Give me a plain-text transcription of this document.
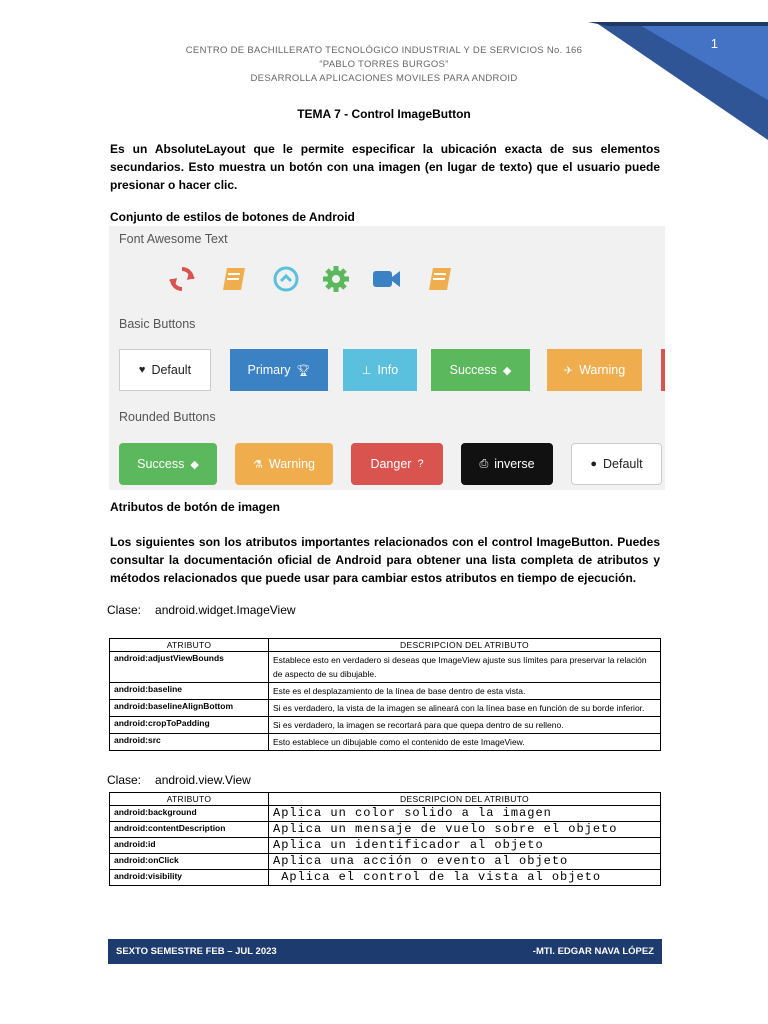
1
CENTRO DE BACHILLERATO TECNOLÓGICO INDUSTRIAL Y DE SERVICIOS No. 166
“PABLO TORRES BURGOS”
DESARROLLA APLICACIONES MOVILES PARA ANDROID
TEMA 7 - Control ImageButton
Es un AbsoluteLayout que le permite especificar la ubicación exacta de sus elementos secundarios. Esto muestra un botón con una imagen (en lugar de texto) que el usuario puede presionar o hacer clic.
Conjunto de estilos de botones de Android
Font Awesome Text
Basic Buttons
♥ Default	Primary 🏆︎	⊥ Info	Success ◆	✈ Warning
Rounded Buttons
Success ◆	⚗ Warning	Danger ?	⎙ inverse	● Default
Atributos de botón de imagen
Los siguientes son los atributos importantes relacionados con el control ImageButton. Puedes consultar la documentación oficial de Android para obtener una lista completa de atributos y métodos relacionados que puede usar para cambiar estos atributos en tiempo de ejecución.
Clase: android.widget.ImageView
ATRIBUTO	DESCRIPCION DEL ATRIBUTO
android:adjustViewBounds	Establece esto en verdadero si deseas que ImageView ajuste sus límites para preservar la relación de aspecto de su dibujable.
android:baseline	Este es el desplazamiento de la línea de base dentro de esta vista.
android:baselineAlignBottom	Si es verdadero, la vista de la imagen se alineará con la línea base en función de su borde inferior.
android:cropToPadding	Si es verdadero, la imagen se recortará para que quepa dentro de su relleno.
android:src	Esto establece un dibujable como el contenido de este ImageView.
Clase: android.view.View
ATRIBUTO	DESCRIPCION DEL ATRIBUTO
android:background	Aplica un color solido a la imagen
android:contentDescription	Aplica un mensaje de vuelo sobre el objeto
android:id	Aplica un identificador al objeto
android:onClick	Aplica una acción o evento al objeto
android:visibility	Aplica el control de la vista al objeto
SEXTO SEMESTRE FEB – JUL 2023	-MTI. EDGAR NAVA LÓPEZ
